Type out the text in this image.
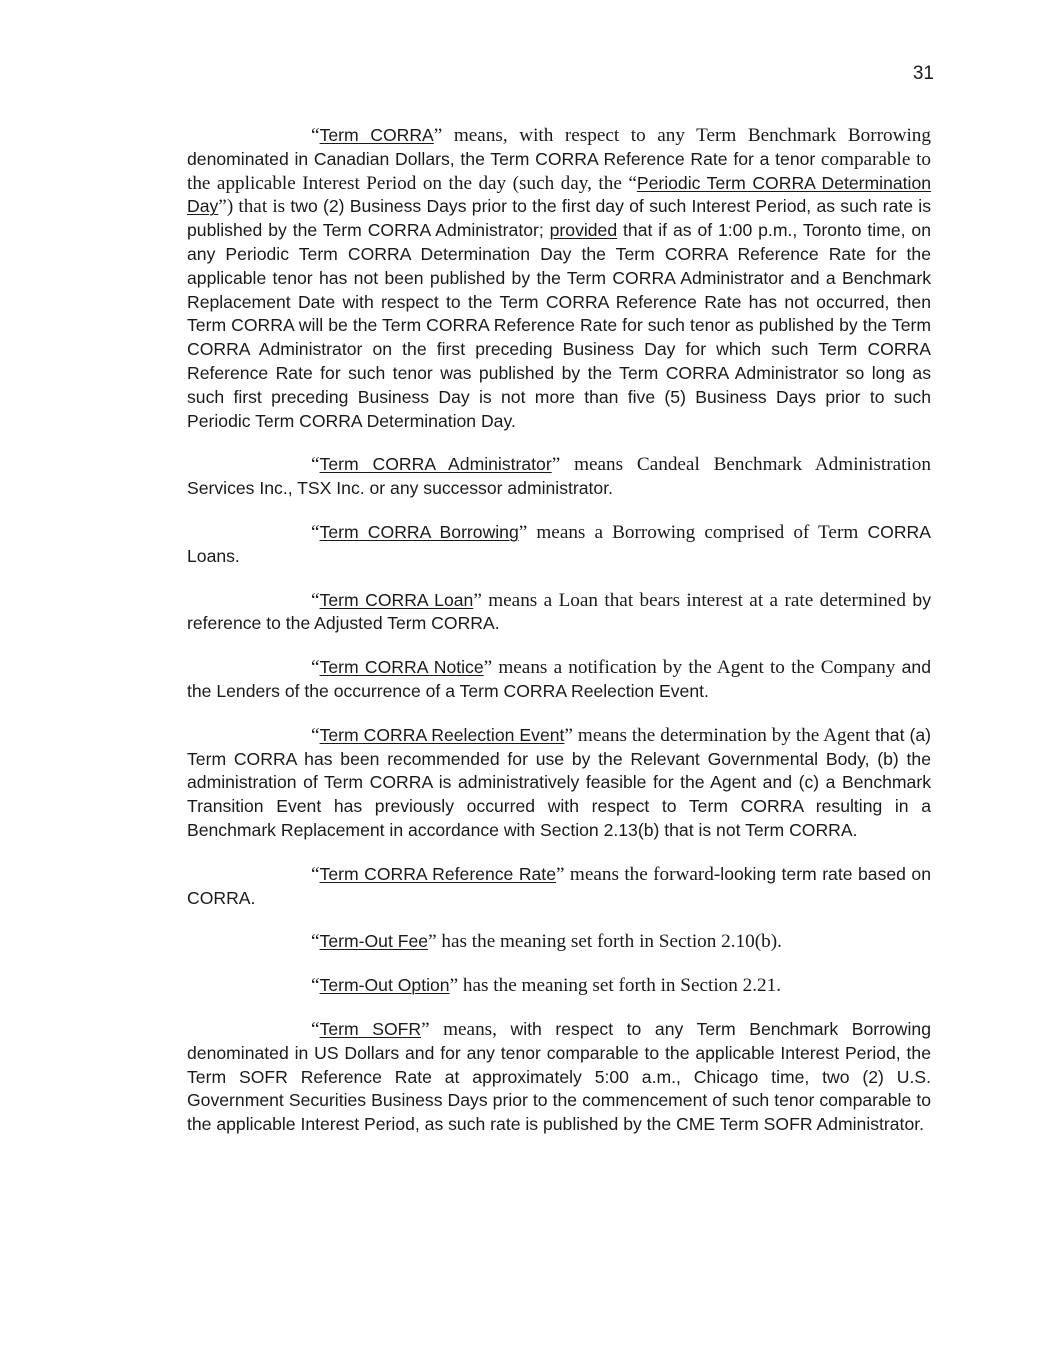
31

“Term CORRA” means, with respect to any Term Benchmark Borrowing denominated in Canadian Dollars, the Term CORRA Reference Rate for a tenor comparable to the applicable Interest Period on the day (such day, the “Periodic Term CORRA Determination Day”) that is two (2) Business Days prior to the first day of such Interest Period, as such rate is published by the Term CORRA Administrator; provided that if as of 1:00 p.m., Toronto time, on any Periodic Term CORRA Determination Day the Term CORRA Reference Rate for the applicable tenor has not been published by the Term CORRA Administrator and a Benchmark Replacement Date with respect to the Term CORRA Reference Rate has not occurred, then Term CORRA will be the Term CORRA Reference Rate for such tenor as published by the Term CORRA Administrator on the first preceding Business Day for which such Term CORRA Reference Rate for such tenor was published by the Term CORRA Administrator so long as such first preceding Business Day is not more than five (5) Business Days prior to such Periodic Term CORRA Determination Day.

“Term CORRA Administrator” means Candeal Benchmark Administration Services Inc., TSX Inc. or any successor administrator.

“Term CORRA Borrowing” means a Borrowing comprised of Term CORRA Loans.

“Term CORRA Loan” means a Loan that bears interest at a rate determined by reference to the Adjusted Term CORRA.

“Term CORRA Notice” means a notification by the Agent to the Company and the Lenders of the occurrence of a Term CORRA Reelection Event.

“Term CORRA Reelection Event” means the determination by the Agent that (a) Term CORRA has been recommended for use by the Relevant Governmental Body, (b) the administration of Term CORRA is administratively feasible for the Agent and (c) a Benchmark Transition Event has previously occurred with respect to Term CORRA resulting in a Benchmark Replacement in accordance with Section 2.13(b) that is not Term CORRA.

“Term CORRA Reference Rate” means the forward-looking term rate based on CORRA.

“Term-Out Fee” has the meaning set forth in Section 2.10(b).

“Term-Out Option” has the meaning set forth in Section 2.21.

“Term SOFR” means, with respect to any Term Benchmark Borrowing denominated in US Dollars and for any tenor comparable to the applicable Interest Period, the Term SOFR Reference Rate at approximately 5:00 a.m., Chicago time, two (2) U.S. Government Securities Business Days prior to the commencement of such tenor comparable to the applicable Interest Period, as such rate is published by the CME Term SOFR Administrator.
